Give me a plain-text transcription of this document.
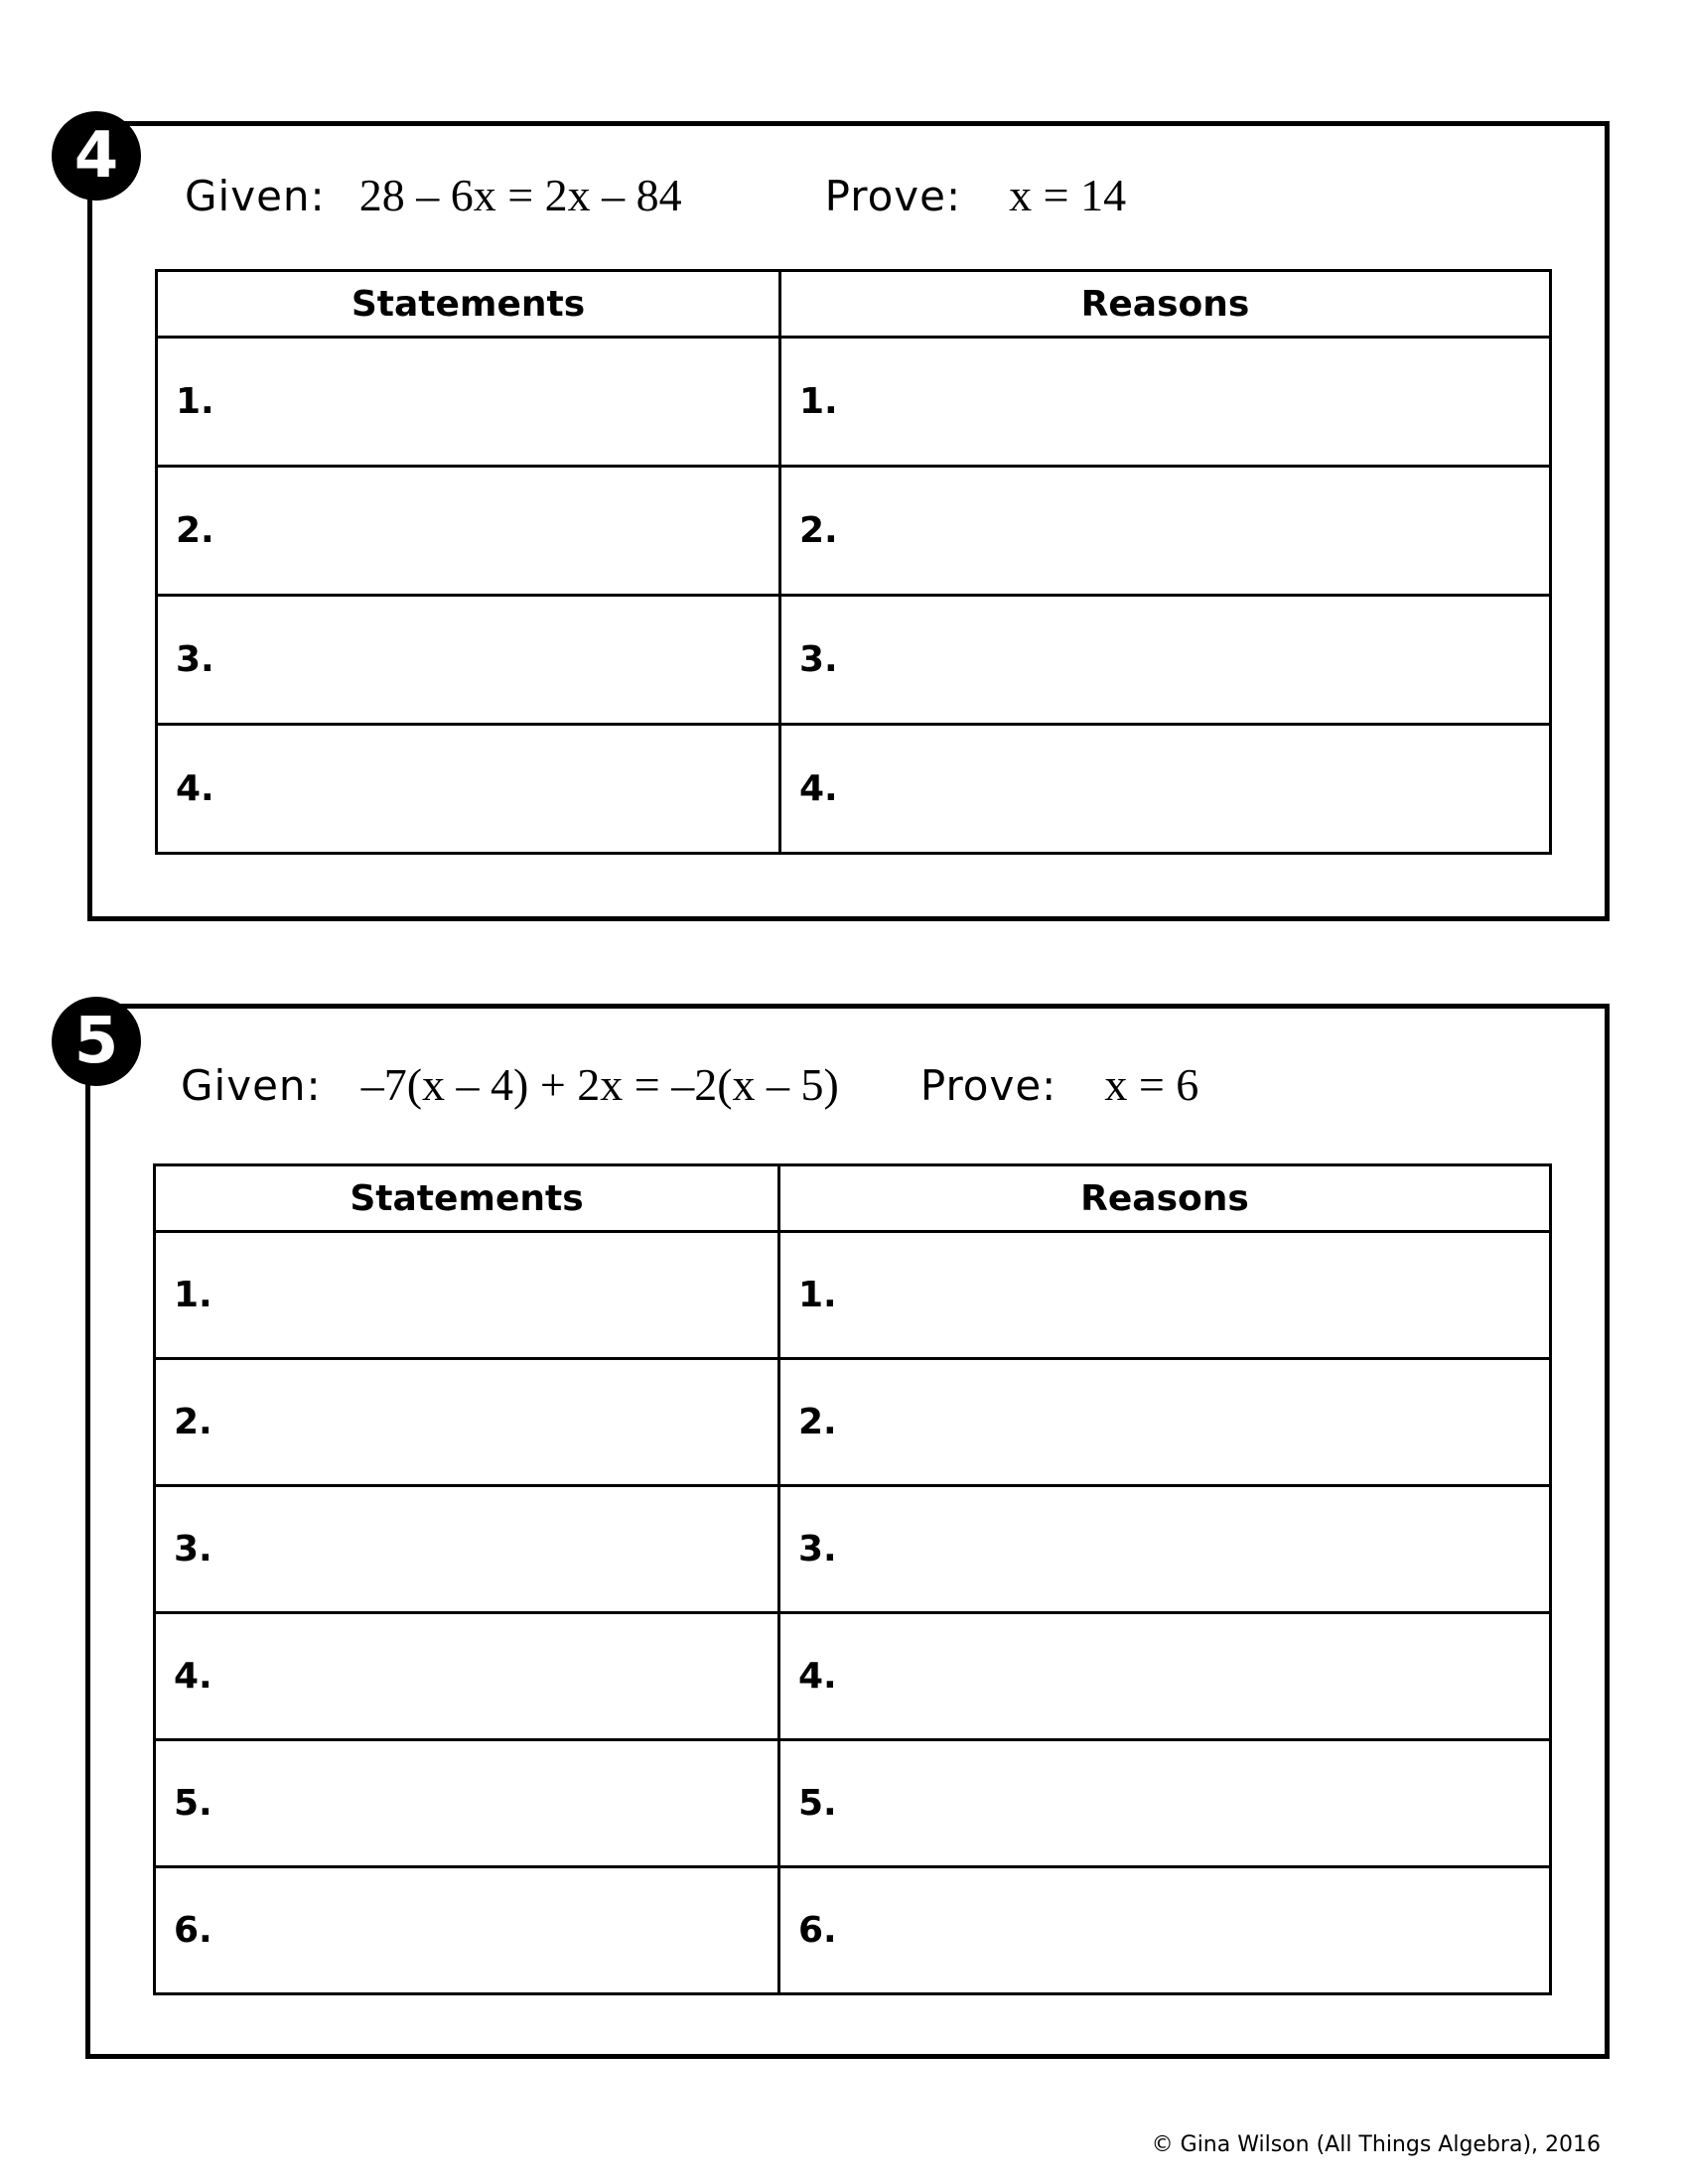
4
Given: 28 – 6x = 2x – 84	Prove: x = 14
Statements	Reasons
1.	1.
2.	2.
3.	3.
4.	4.
5
Given: –7(x – 4) + 2x = –2(x – 5) Prove: x = 6
Statements	Reasons
1.	1.
2.	2.
3.	3.
4.	4.
5.	5.
6.	6.
© Gina Wilson (All Things Algebra), 2016
